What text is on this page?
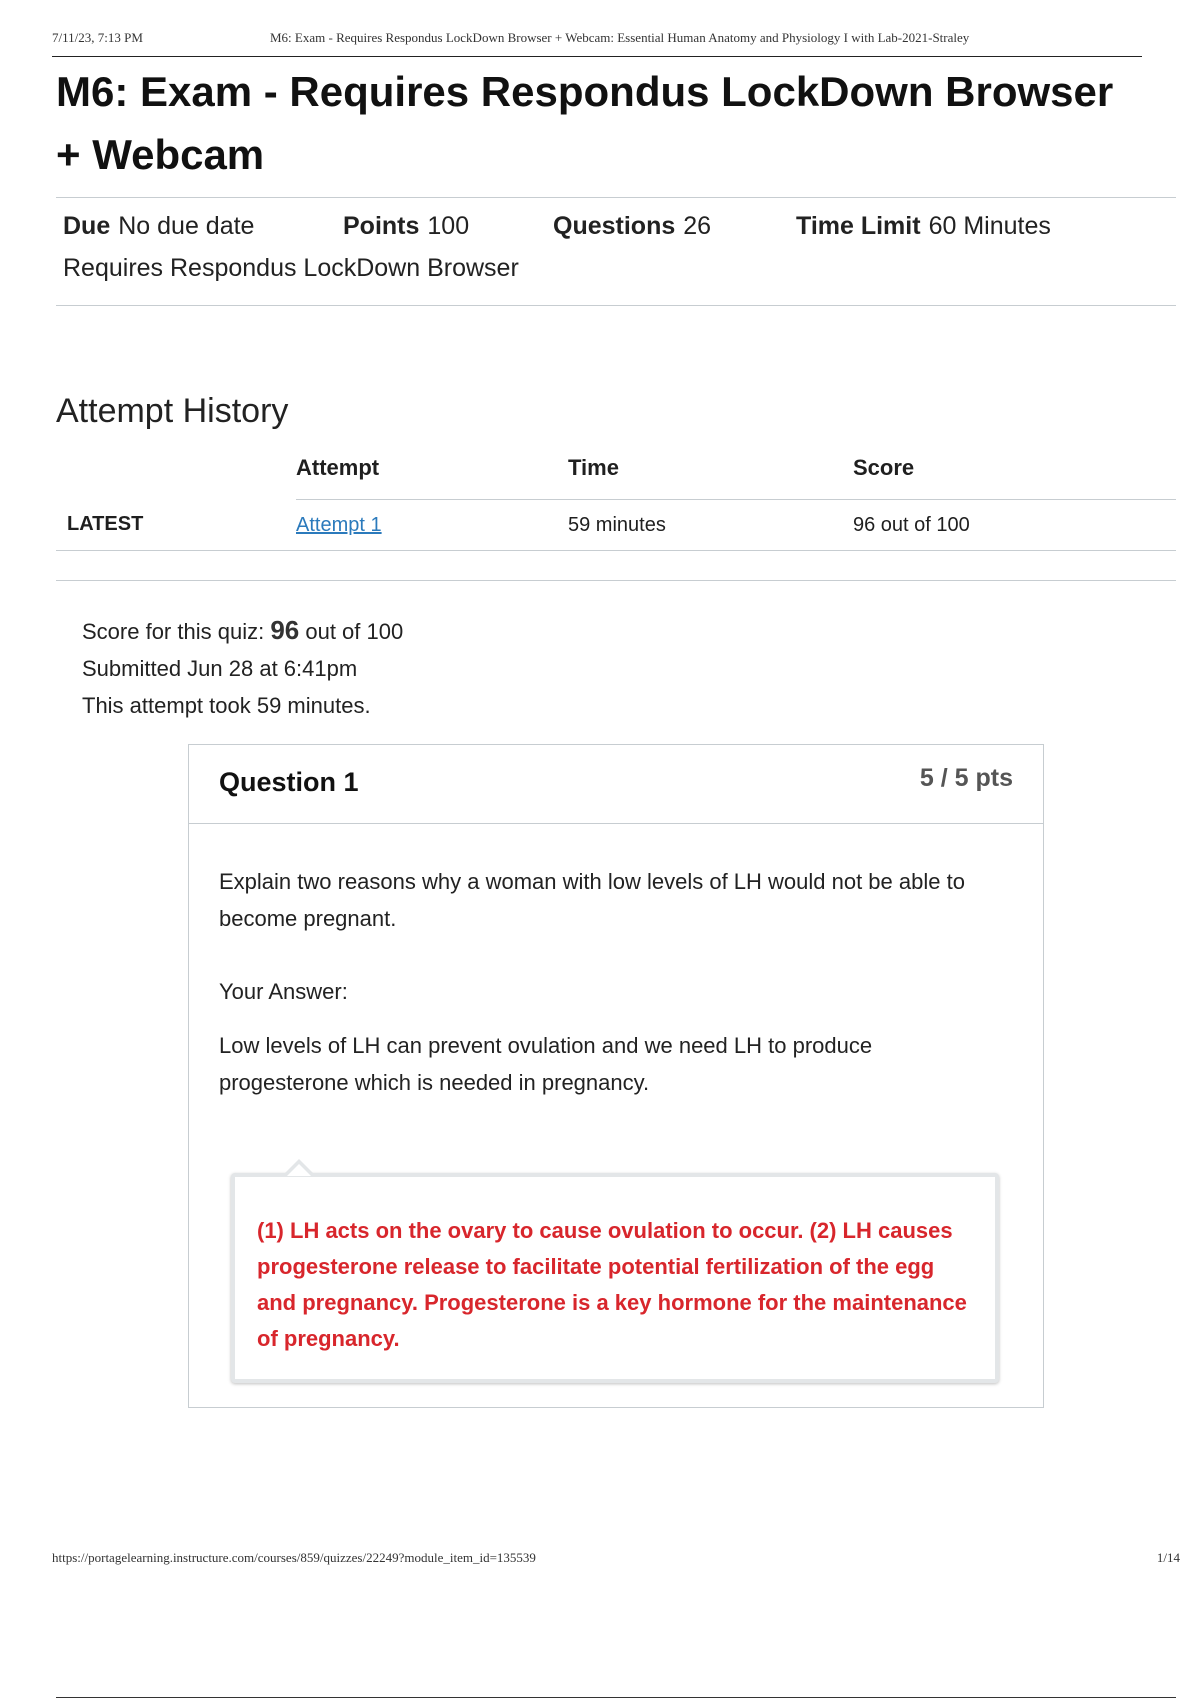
7/11/23, 7:13 PM	M6: Exam - Requires Respondus LockDown Browser + Webcam: Essential Human Anatomy and Physiology I with Lab-2021-Straley
M6: Exam - Requires Respondus LockDown Browser
+ Webcam
Due No due date	Points 100	Questions 26	Time Limit 60 Minutes
Requires Respondus LockDown Browser
Attempt History
	Attempt	Time	Score
LATEST	Attempt 1	59 minutes	96 out of 100
Score for this quiz: 96 out of 100
Submitted Jun 28 at 6:41pm
This attempt took 59 minutes.
Question 1	5 / 5 pts

Explain two reasons why a woman with low levels of LH would not be able to become pregnant.

Your Answer:

Low levels of LH can prevent ovulation and we need LH to produce progesterone which is needed in pregnancy.

(1) LH acts on the ovary to cause ovulation to occur. (2) LH causes progesterone release to facilitate potential fertilization of the egg and pregnancy. Progesterone is a key hormone for the maintenance of pregnancy.

https://portagelearning.instructure.com/courses/859/quizzes/22249?module_item_id=135539	1/14
